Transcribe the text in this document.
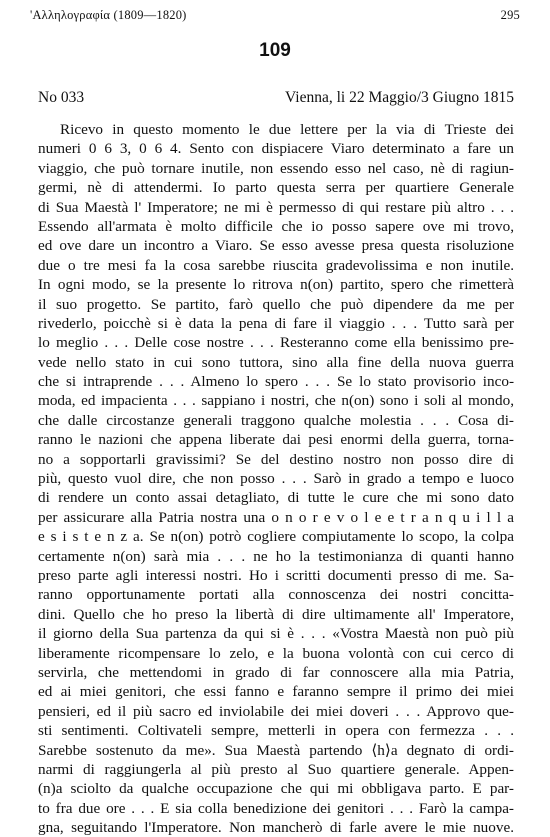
'Αλληλογραφία (1809—1820)	295
109
No 033	Vienna, li 22 Maggio/3 Giugno 1815
Ricevo in questo momento le due lettere per la via di Trieste dei
numeri 0 6 3, 0 6 4. Sento con dispiacere Viaro determinato a fare un
viaggio, che può tornare inutile, non essendo esso nel caso, nè di ragiun-
germi, nè di attendermi. Io parto questa serra per quartiere Generale
di Sua Maestà l' Imperatore; ne mi è permesso di qui restare più altro . . .
Essendo all'armata è molto difficile che io posso sapere ove mi trovo,
ed ove dare un incontro a Viaro. Se esso avesse presa questa risoluzione
due o tre mesi fa la cosa sarebbe riuscita gradevolissima e non inutile.
In ogni modo, se la presente lo ritrova n(on) partito, spero che rimetterà
il suo progetto. Se partito, farò quello che può dipendere da me per
rivederlo, poicchè si è data la pena di fare il viaggio . . . Tutto sarà per
lo meglio . . . Delle cose nostre . . . Resteranno come ella benissimo pre-
vede nello stato in cui sono tuttora, sino alla fine della nuova guerra
che si intraprende . . . Almeno lo spero . . . Se lo stato provisorio inco-
moda, ed impacienta . . . sappiano i nostri, che n(on) sono i soli al mondo,
che dalle circostanze generali traggono qualche molestia . . . Cosa di-
ranno le nazioni che appena liberate dai pesi enormi della guerra, torna-
no a sopportarli gravissimi? Se del destino nostro non posso dire di
più, questo vuol dire, che non posso . . . Sarò in grado a tempo e luoco
di rendere un conto assai detagliato, di tutte le cure che mi sono dato
per assicurare alla Patria nostra una o n o r e v o l e e t r a n q u i l l a
e s i s t e n z a. Se n(on) potrò cogliere compiutamente lo scopo, la colpa
certamente n(on) sarà mia . . . ne ho la testimonianza di quanti hanno
preso parte agli interessi nostri. Ho i scritti documenti presso di me. Sa-
ranno opportunamente portati alla connoscenza dei nostri concitta-
dini. Quello che ho preso la libertà di dire ultimamente all' Imperatore,
il giorno della Sua partenza da qui si è . . . «Vostra Maestà non può più
liberamente ricompensare lo zelo, e la buona volontà con cui cerco di
servirla, che mettendomi in grado di far connoscere alla mia Patria,
ed ai miei genitori, che essi fanno e faranno sempre il primo dei miei
pensieri, ed il più sacro ed inviolabile dei miei doveri . . . Approvo que-
sti sentimenti. Coltivateli sempre, metterli in opera con fermezza . . .
Sarebbe sostenuto da me». Sua Maestà partendo ⟨h⟩a degnato di ordi-
narmi di raggiungerla al più presto al Suo quartiere generale. Appen-
(n)a sciolto da qualche occupazione che qui mi obbligava parto. E par-
to fra due ore . . . E sia colla benedizione dei genitori . . . Farò la campa-
gna, seguitando l'Imperatore. Non mancherò di farle avere le mie nuove.
